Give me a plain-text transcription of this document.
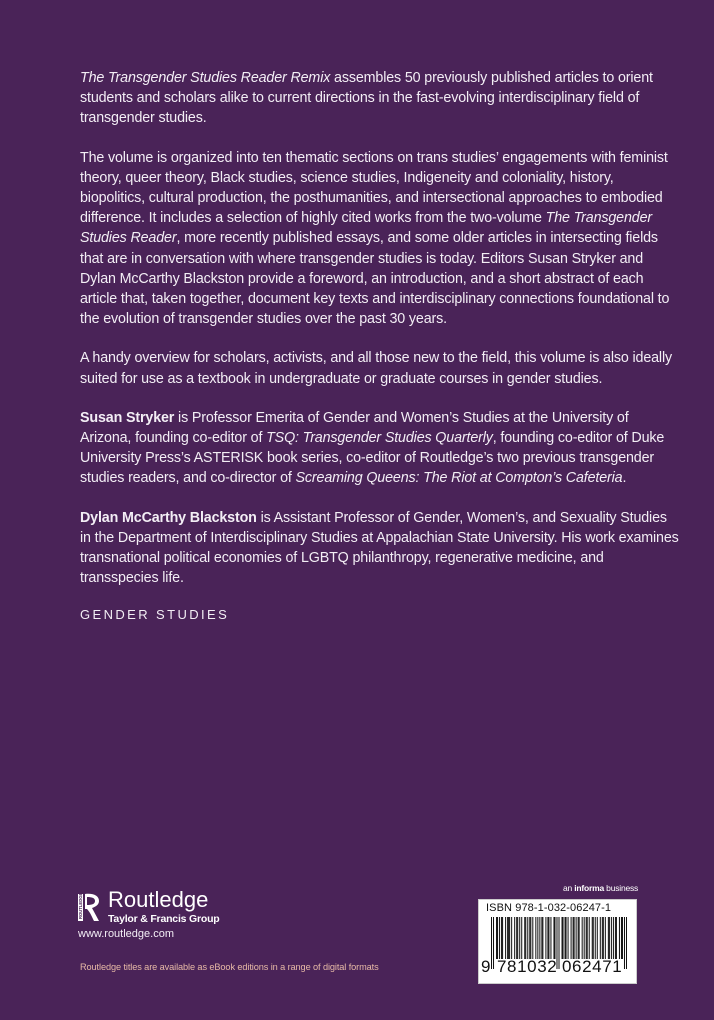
The Transgender Studies Reader Remix assembles 50 previously published articles to orient students and scholars alike to current directions in the fast-evolving interdisciplinary field of transgender studies.

The volume is organized into ten thematic sections on trans studies’ engagements with feminist theory, queer theory, Black studies, science studies, Indigeneity and coloniality, history, biopolitics, cultural production, the posthumanities, and intersectional approaches to embodied difference. It includes a selection of highly cited works from the two-volume The Transgender Studies Reader, more recently published essays, and some older articles in intersecting fields that are in conversation with where transgender studies is today. Editors Susan Stryker and Dylan McCarthy Blackston provide a foreword, an introduction, and a short abstract of each article that, taken together, document key texts and interdisciplinary connections foundational to the evolution of transgender studies over the past 30 years.

A handy overview for scholars, activists, and all those new to the field, this volume is also ideally suited for use as a textbook in undergraduate or graduate courses in gender studies.

Susan Stryker is Professor Emerita of Gender and Women’s Studies at the University of Arizona, founding co-editor of TSQ: Transgender Studies Quarterly, founding co-editor of Duke University Press’s ASTERISK book series, co-editor of Routledge’s two previous transgender studies readers, and co-director of Screaming Queens: The Riot at Compton’s Cafeteria.

Dylan McCarthy Blackston is Assistant Professor of Gender, Women’s, and Sexuality Studies in the Department of Interdisciplinary Studies at Appalachian State University. His work examines transnational political economies of LGBTQ philanthropy, regenerative medicine, and transspecies life.

GENDER STUDIES
ROUTLEDGE Routledge
Taylor & Francis Group
www.routledge.com
Routledge titles are available as eBook editions in a range of digital formats
an informa business
ISBN 978-1-032-06247-1
9 781032 062471
